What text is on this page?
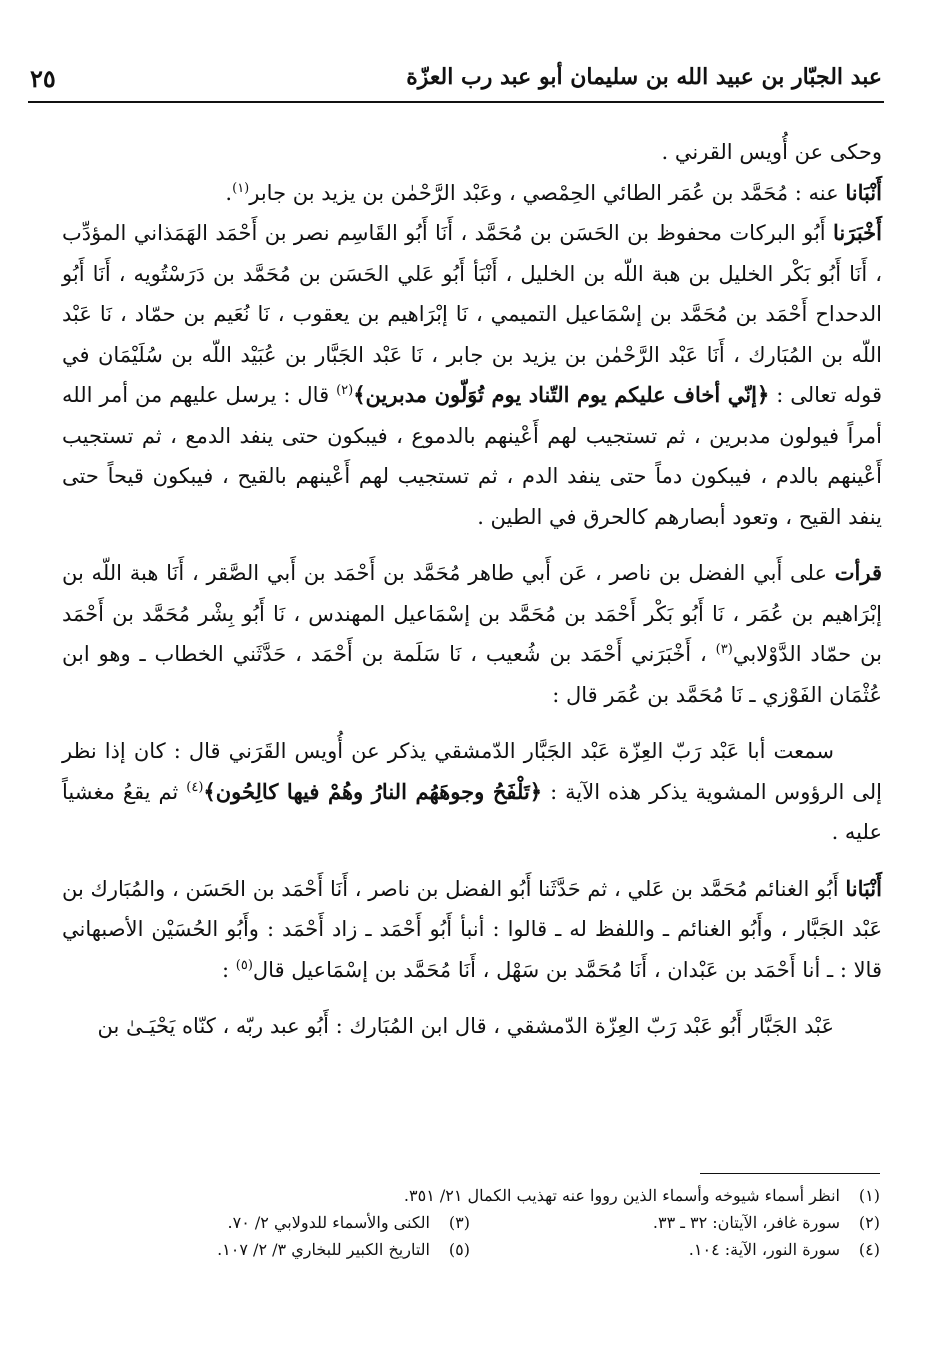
عبد الجبّار بن عبيد الله بن سليمان أبو عبد رب العزّة
٢٥

وحكى عن أُويس القرني .

أَنْبَانا عنه : مُحَمَّد بن عُمَر الطائي الحِمْصي ، وعَبْد الرَّحْمٰن بن يزيد بن جابر$^{(١)}$.

أَخْبَرَنا أَبُو البركات محفوظ بن الحَسَن بن مُحَمَّد ، أَنَا أَبُو القَاسِم نصر بن أَحْمَد الهَمَذاني المؤدِّب ، أَنَا أَبُو بَكْر الخليل بن هبة اللّه بن الخليل ، أَنْبَأ أَبُو عَلي الحَسَن بن مُحَمَّد بن دَرَسْتُويه ، أَنَا أَبُو الدحداح أَحْمَد بن مُحَمَّد بن إسْمَاعيل التميمي ، نَا إبْرَاهيم بن يعقوب ، نَا نُعَيم بن حمّاد ، نَا عَبْد اللّه بن المُبَارك ، أَنَا عَبْد الرَّحْمٰن بن يزيد بن جابر ، نَا عَبْد الجَبَّار بن عُبَيْد اللّه بن سُلَيْمَان في قوله تعالى : ﴿إنّي أخاف عليكم يوم التّناد يوم تُوَلّون مدبرين﴾$^{(٢)}$ قال : يرسل عليهم من أمر الله أمراً فيولون مدبرين ، ثم تستجيب لهم أَعْينهم بالدموع ، فيبكون حتى ينفد الدمع ، ثم تستجيب أَعْينهم بالدم ، فيبكون دماً حتى ينفد الدم ، ثم تستجيب لهم أَعْينهم بالقيح ، فيبكون قيحاً حتى ينفد القيح ، وتعود أبصارهم كالحرق في الطين .

قرأت على أَبي الفضل بن ناصر ، عَن أَبي طاهر مُحَمَّد بن أَحْمَد بن أَبي الصَّقر ، أَنَا هبة اللّه بن إبْرَاهيم بن عُمَر ، نَا أَبُو بَكْر أَحْمَد بن مُحَمَّد بن إسْمَاعيل المهندس ، نَا أَبُو بِشْر مُحَمَّد بن أَحْمَد بن حمّاد الدَّوْلابي$^{(٣)}$ ، أَخْبَرَني أَحْمَد بن شُعيب ، نَا سَلَمة بن أَحْمَد ، حَدَّثَني الخطاب ـ وهو ابن عُثْمَان الفَوْزي ـ نَا مُحَمَّد بن عُمَر قال :

سمعت أبا عَبْد رَبّ العِزّة عَبْد الجَبَّار الدّمشقي يذكر عن أُويس القَرَني قال : كان إذا نظر إلى الرؤوس المشوية يذكر هذه الآية : ﴿تَلْفَحُ وجوهَهُم النارُ وهُمْ فيها كالِحُون﴾$^{(٤)}$ ثم يقعُ مغشياً عليه .

أَنْبَانا أَبُو الغنائم مُحَمَّد بن عَلي ، ثم حَدَّثَنا أَبُو الفضل بن ناصر ، أَنَا أَحْمَد بن الحَسَن ، والمُبَارك بن عَبْد الجَبَّار ، وأَبُو الغنائم ـ واللفظ له ـ قالوا : أنبأ أَبُو أَحْمَد ـ زاد أَحْمَد : وأَبُو الحُسَيْن الأصبهاني قالا : ـ أنا أَحْمَد بن عَبْدان ، أَنَا مُحَمَّد بن سَهْل ، أَنَا مُحَمَّد بن إسْمَاعيل قال$^{(٥)}$ :

عَبْد الجَبَّار أَبُو عَبْد رَبّ العِزّة الدّمشقي ، قال ابن المُبَارك : أَبُو عبد ربّه ، كنّاه يَحْيَـىٰ بن

(١)انظر أسماء شيوخه وأسماء الذين رووا عنه تهذيب الكمال ٢١/ ٣٥١.
(٢)سورة غافر، الآيتان: ٣٢ ـ ٣٣.
(٣)الكنى والأسماء للدولابي ٢/ ٧٠.
(٤)سورة النور، الآية: ١٠٤.
(٥)التاريخ الكبير للبخاري ٣/ ٢/ ١٠٧.
